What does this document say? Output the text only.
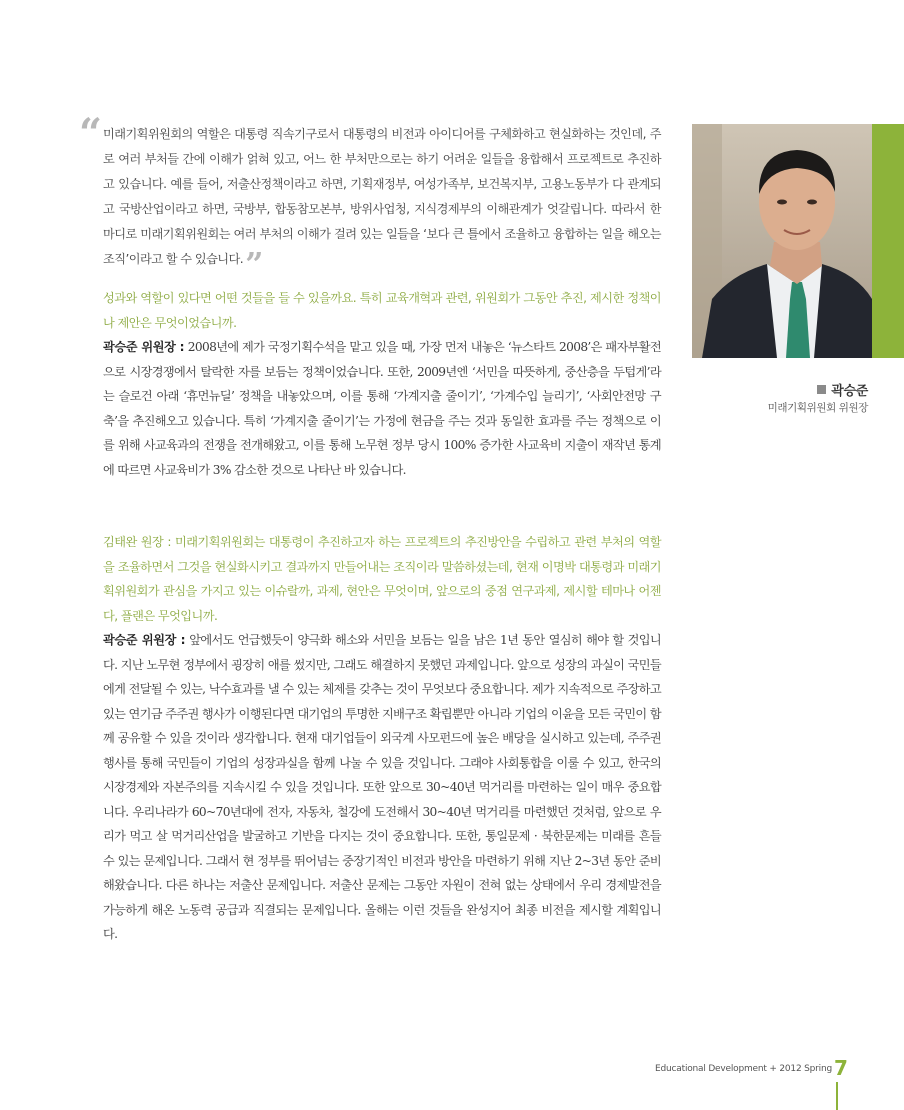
“ 미래기획위원회의 역할은 대통령 직속기구로서 대통령의 비전과 아이디어를 구체화하고 현실화하는 것인데, 주로 여러 부처들 간에 이해가 얽혀 있고, 어느 한 부처만으로는 하기 어려운 일들을 융합해서 프로젝트로 추진하고 있습니다. 예를 들어, 저출산정책이라고 하면, 기획재정부, 여성가족부, 보건복지부, 고용노동부가 다 관계되고 국방산업이라고 하면, 국방부, 합동참모본부, 방위사업청, 지식경제부의 이해관계가 엇갈립니다. 따라서 한 마디로 미래기획위원회는 여러 부처의 이해가 걸려 있는 일들을 ‘보다 큰 틀에서 조율하고 융합하는 일을 해오는 조직’이라고 할 수 있습니다.”
성과와 역할이 있다면 어떤 것들을 들 수 있을까요. 특히 교육개혁과 관련, 위원회가 그동안 추진, 제시한 정책이나 제안은 무엇이었습니까.
곽승준 위원장 : 2008년에 제가 국정기획수석을 맡고 있을 때, 가장 먼저 내놓은 ‘뉴스타트 2008’은 패자부활전으로 시장경쟁에서 탈락한 자를 보듬는 정책이었습니다. 또한, 2009년엔 ‘서민을 따뜻하게, 중산층을 두텁게’라는 슬로건 아래 ‘휴먼뉴딜’ 정책을 내놓았으며, 이를 통해 ‘가계지출 줄이기’, ‘가계수입 늘리기’, ‘사회안전망 구축’을 추진해오고 있습니다. 특히 ‘가계지출 줄이기’는 가정에 현금을 주는 것과 동일한 효과를 주는 정책으로 이를 위해 사교육과의 전쟁을 전개해왔고, 이를 통해 노무현 정부 당시 100% 증가한 사교육비 지출이 재작년 통계에 따르면 사교육비가 3% 감소한 것으로 나타난 바 있습니다.
김태완 원장 : 미래기획위원회는 대통령이 추진하고자 하는 프로젝트의 추진방안을 수립하고 관련 부처의 역할을 조율하면서 그것을 현실화시키고 결과까지 만들어내는 조직이라 말씀하셨는데, 현재 이명박 대통령과 미래기획위원회가 관심을 가지고 있는 이슈랄까, 과제, 현안은 무엇이며, 앞으로의 중점 연구과제, 제시할 테마나 어젠다, 플랜은 무엇입니까.
곽승준 위원장 : 앞에서도 언급했듯이 양극화 해소와 서민을 보듬는 일을 남은 1년 동안 열심히 해야 할 것입니다. 지난 노무현 정부에서 굉장히 애를 썼지만, 그래도 해결하지 못했던 과제입니다. 앞으로 성장의 과실이 국민들에게 전달될 수 있는, 낙수효과를 낼 수 있는 체제를 갖추는 것이 무엇보다 중요합니다. 제가 지속적으로 주장하고 있는 연기금 주주권 행사가 이행된다면 대기업의 투명한 지배구조 확립뿐만 아니라 기업의 이윤을 모든 국민이 함께 공유할 수 있을 것이라 생각합니다. 현재 대기업들이 외국계 사모펀드에 높은 배당을 실시하고 있는데, 주주권 행사를 통해 국민들이 기업의 성장과실을 함께 나눌 수 있을 것입니다. 그래야 사회통합을 이룰 수 있고, 한국의 시장경제와 자본주의를 지속시킬 수 있을 것입니다. 또한 앞으로 30~40년 먹거리를 마련하는 일이 매우 중요합니다. 우리나라가 60~70년대에 전자, 자동차, 철강에 도전해서 30~40년 먹거리를 마련했던 것처럼, 앞으로 우리가 먹고 살 먹거리산업을 발굴하고 기반을 다지는 것이 중요합니다. 또한, 통일문제 · 북한문제는 미래를 흔들 수 있는 문제입니다. 그래서 현 정부를 뛰어넘는 중장기적인 비전과 방안을 마련하기 위해 지난 2~3년 동안 준비해왔습니다. 다른 하나는 저출산 문제입니다. 저출산 문제는 그동안 자원이 전혀 없는 상태에서 우리 경제발전을 가능하게 해온 노동력 공급과 직결되는 문제입니다. 올해는 이런 것들을 완성지어 최종 비전을 제시할 계획입니다.
곽승준
미래기획위원회 위원장
Educational Development + 2012 Spring 7
